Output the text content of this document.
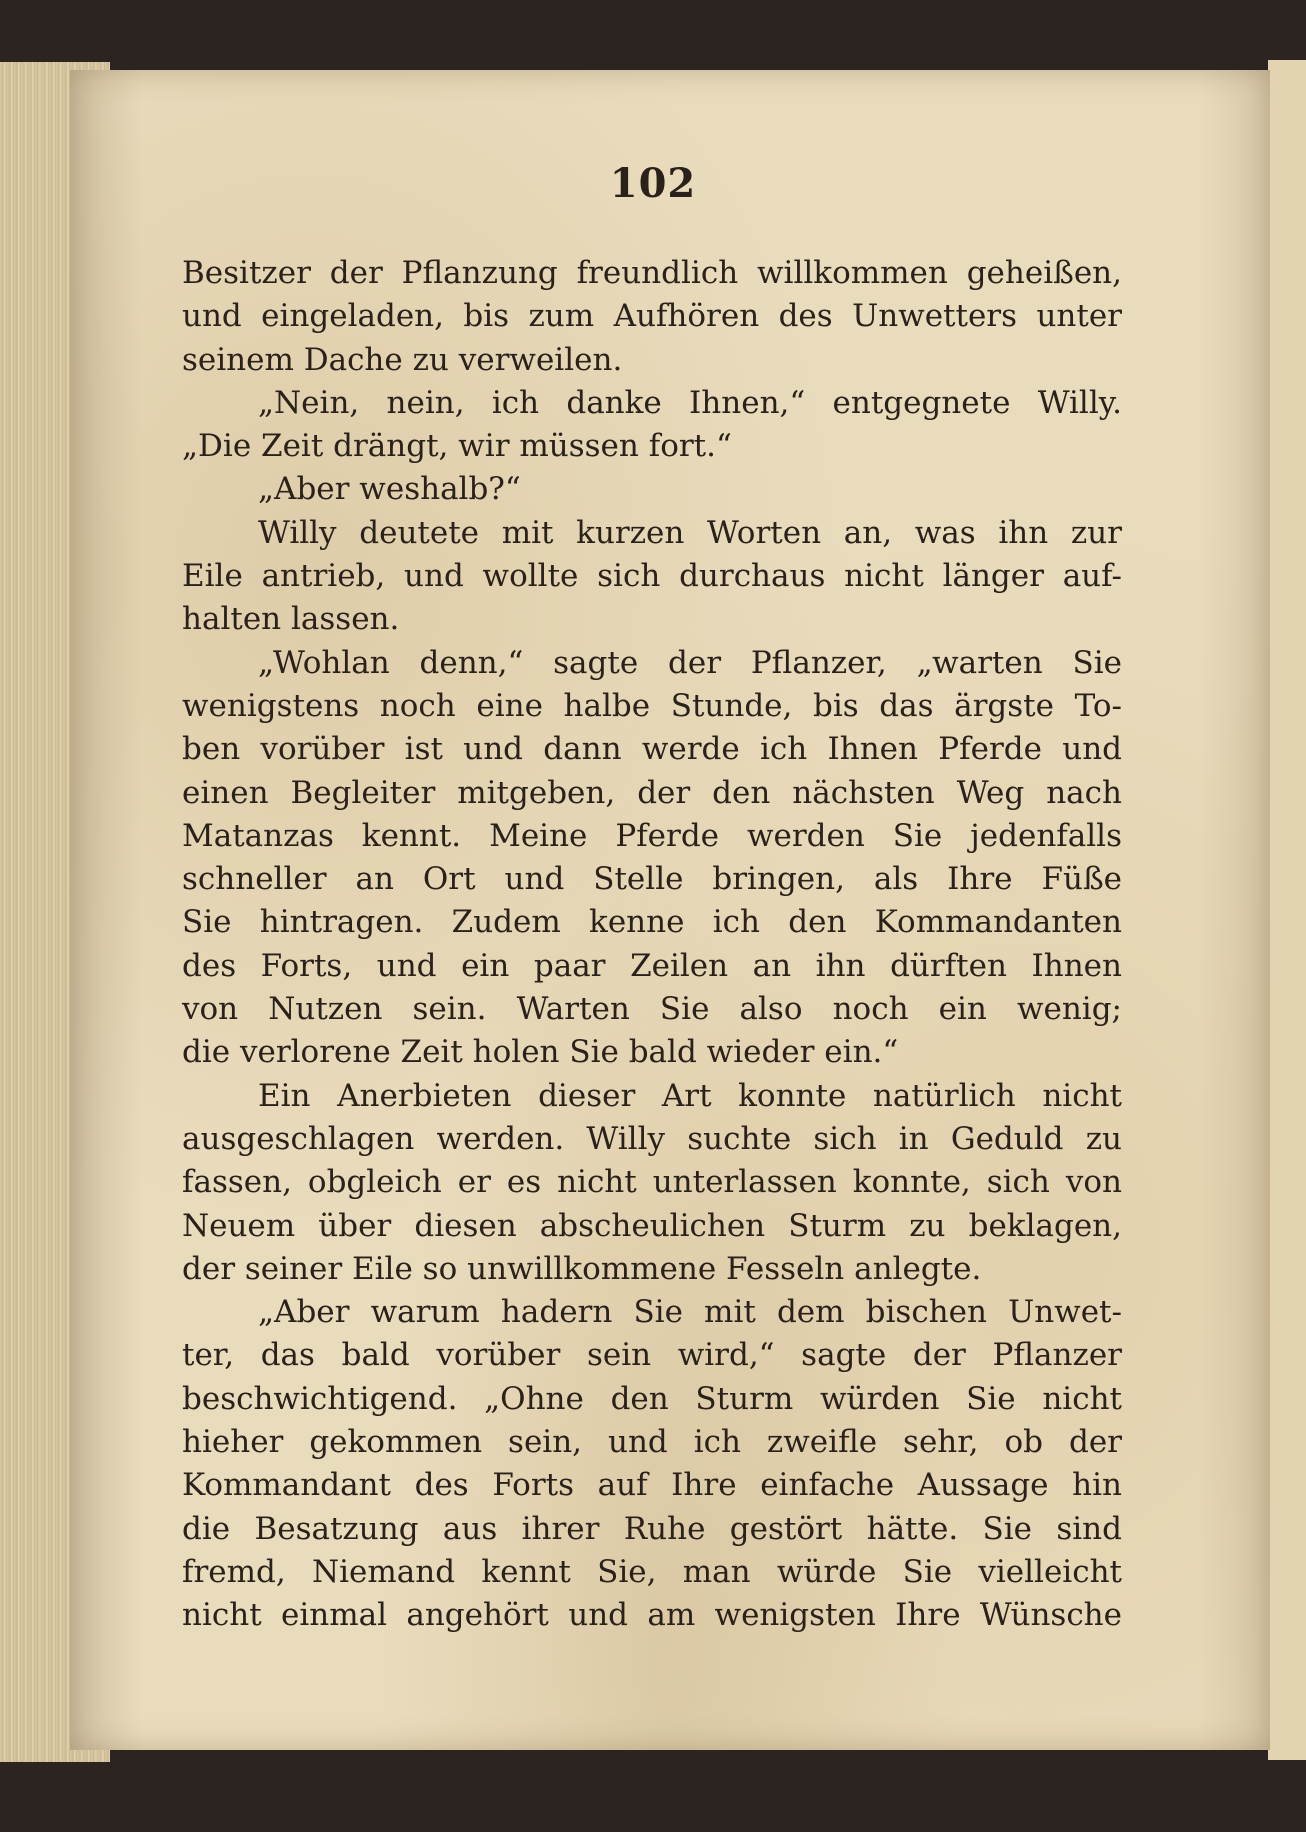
102
Besitzer der Pflanzung freundlich willkommen geheißen,
und eingeladen, bis zum Aufhören des Unwetters unter
seinem Dache zu verweilen.
„Nein, nein, ich danke Ihnen,“ entgegnete Willy.
„Die Zeit drängt, wir müssen fort.“
„Aber weshalb?“
Willy deutete mit kurzen Worten an, was ihn zur
Eile antrieb, und wollte sich durchaus nicht länger auf-
halten lassen.
„Wohlan denn,“ sagte der Pflanzer, „warten Sie
wenigstens noch eine halbe Stunde, bis das ärgste To-
ben vorüber ist und dann werde ich Ihnen Pferde und
einen Begleiter mitgeben, der den nächsten Weg nach
Matanzas kennt. Meine Pferde werden Sie jedenfalls
schneller an Ort und Stelle bringen, als Ihre Füße
Sie hintragen. Zudem kenne ich den Kommandanten
des Forts, und ein paar Zeilen an ihn dürften Ihnen
von Nutzen sein. Warten Sie also noch ein wenig;
die verlorene Zeit holen Sie bald wieder ein.“
Ein Anerbieten dieser Art konnte natürlich nicht
ausgeschlagen werden. Willy suchte sich in Geduld zu
fassen, obgleich er es nicht unterlassen konnte, sich von
Neuem über diesen abscheulichen Sturm zu beklagen,
der seiner Eile so unwillkommene Fesseln anlegte.
„Aber warum hadern Sie mit dem bischen Unwet-
ter, das bald vorüber sein wird,“ sagte der Pflanzer
beschwichtigend. „Ohne den Sturm würden Sie nicht
hieher gekommen sein, und ich zweifle sehr, ob der
Kommandant des Forts auf Ihre einfache Aussage hin
die Besatzung aus ihrer Ruhe gestört hätte. Sie sind
fremd, Niemand kennt Sie, man würde Sie vielleicht
nicht einmal angehört und am wenigsten Ihre Wünsche
